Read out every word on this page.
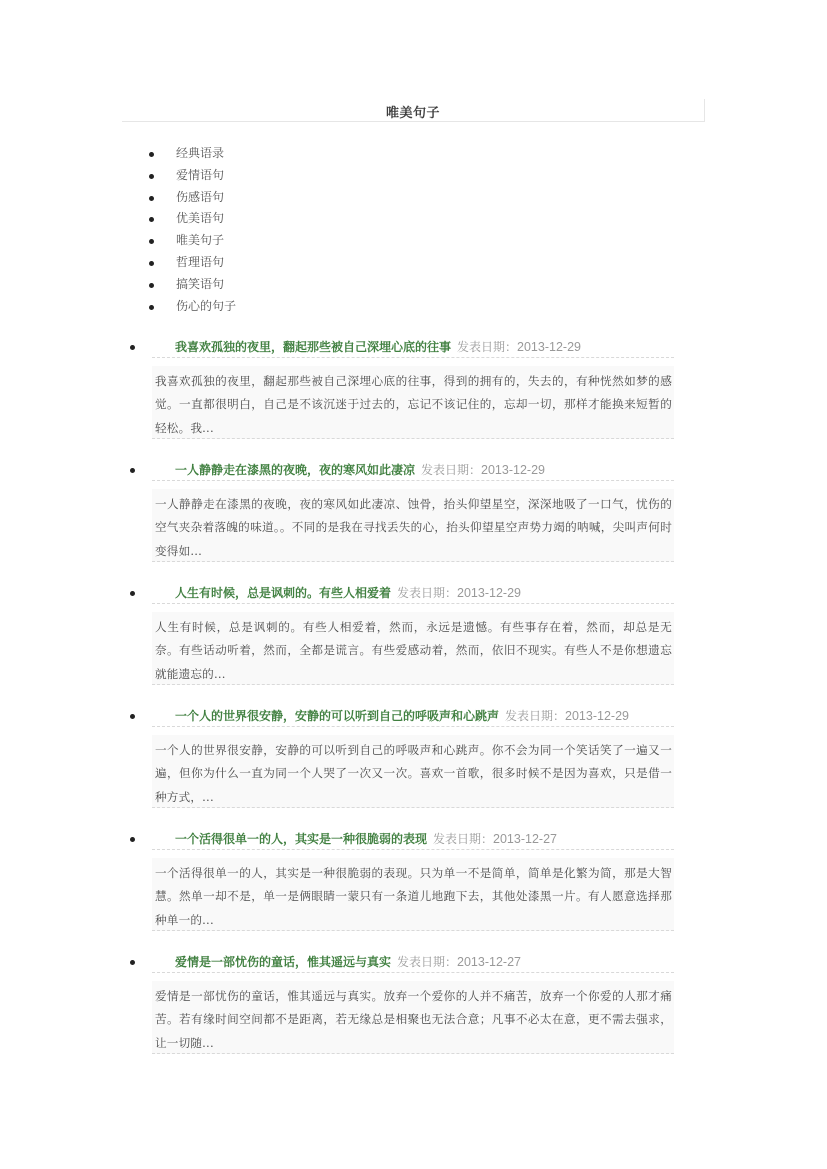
唯美句子
经典语录
爱情语句
伤感语句
优美语句
唯美句子
哲理语句
搞笑语句
伤心的句子
我喜欢孤独的夜里，翻起那些被自己深埋心底的往事 发表日期：2013-12-29

我喜欢孤独的夜里，翻起那些被自己深埋心底的往事，得到的拥有的，失去的，有种恍然如梦的感觉。一直都很明白，自己是不该沉迷于过去的，忘记不该记住的，忘却一切，那样才能换来短暂的轻松。我...

一人静静走在漆黑的夜晚，夜的寒风如此凄凉 发表日期：2013-12-29

一人静静走在漆黑的夜晚，夜的寒风如此凄凉、蚀骨，抬头仰望星空，深深地吸了一口气，忧伤的空气夹杂着落魄的味道。。不同的是我在寻找丢失的心，抬头仰望星空声势力竭的呐喊，尖叫声何时变得如...

人生有时候，总是讽刺的。有些人相爱着 发表日期：2013-12-29

人生有时候，总是讽刺的。有些人相爱着，然而，永远是遗憾。有些事存在着，然而，却总是无奈。有些话动听着，然而，全都是谎言。有些爱感动着，然而，依旧不现实。有些人不是你想遗忘就能遗忘的...

一个人的世界很安静，安静的可以听到自己的呼吸声和心跳声 发表日期：2013-12-29

一个人的世界很安静，安静的可以听到自己的呼吸声和心跳声。你不会为同一个笑话笑了一遍又一遍，但你为什么一直为同一个人哭了一次又一次。喜欢一首歌，很多时候不是因为喜欢，只是借一种方式，...

一个活得很单一的人，其实是一种很脆弱的表现 发表日期：2013-12-27

一个活得很单一的人，其实是一种很脆弱的表现。只为单一不是简单，简单是化繁为简，那是大智慧。然单一却不是，单一是俩眼睛一蒙只有一条道儿地跑下去，其他处漆黑一片。有人愿意选择那种单一的...

爱情是一部忧伤的童话，惟其遥远与真实 发表日期：2013-12-27

爱情是一部忧伤的童话，惟其遥远与真实。放弃一个爱你的人并不痛苦，放弃一个你爱的人那才痛苦。若有缘时间空间都不是距离，若无缘总是相聚也无法合意；凡事不必太在意，更不需去强求，让一切随...
